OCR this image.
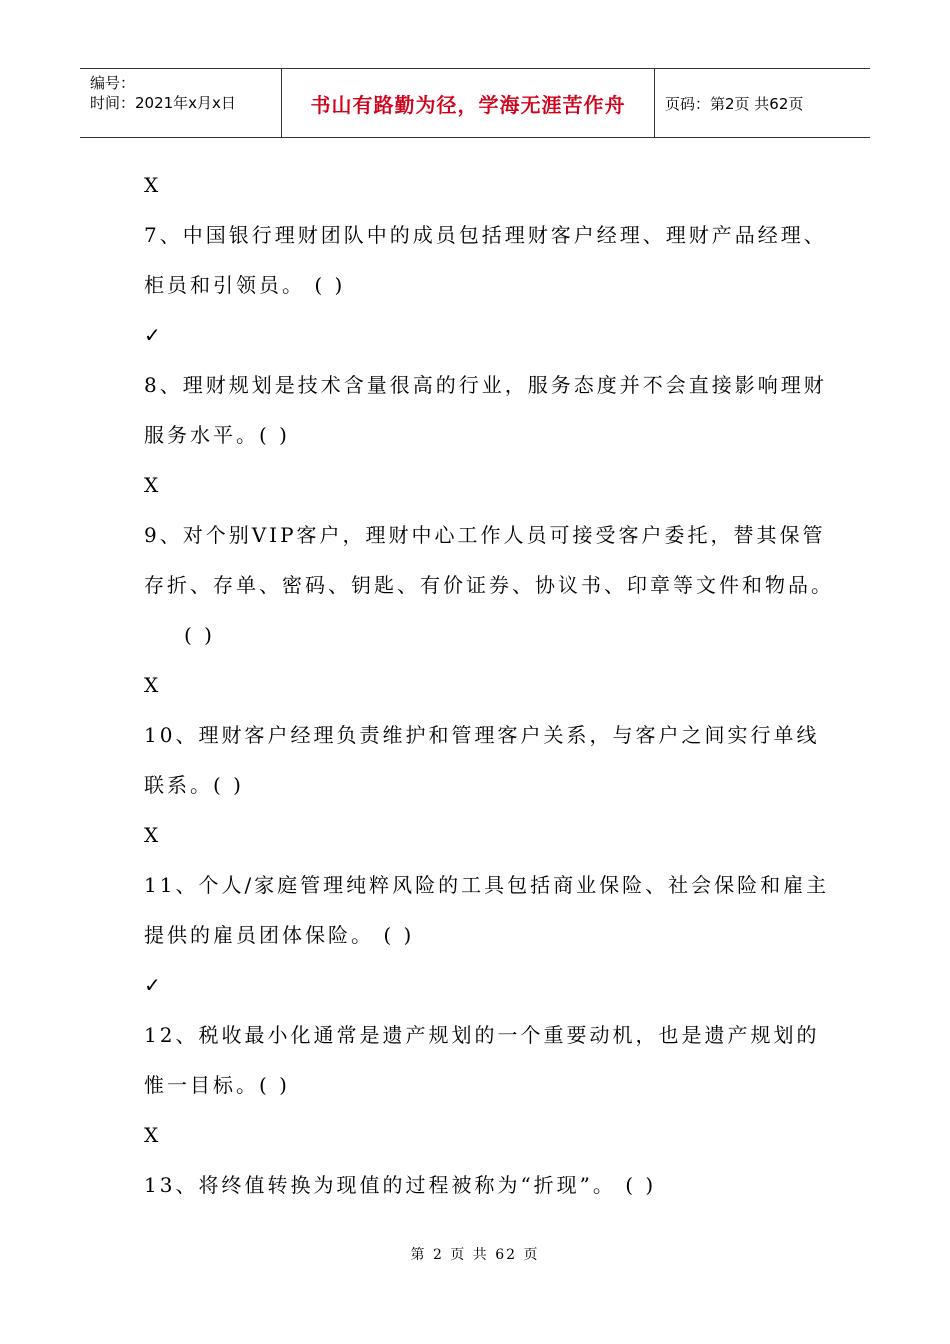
编号：
时间：2021年x月x日	书山有路勤为径，学海无涯苦作舟	页码：第2页 共62页
X
7、中国银行理财团队中的成员包括理财客户经理、理财产品经理、
柜员和引领员。 ( )
✓
8、理财规划是技术含量很高的行业，服务态度并不会直接影响理财
服务水平。( )
X
9、对个别VIP客户，理财中心工作人员可接受客户委托，替其保管
存折、存单、密码、钥匙、有价证券、协议书、印章等文件和物品。
( )
X
10、理财客户经理负责维护和管理客户关系，与客户之间实行单线
联系。( )
X
11、个人/家庭管理纯粹风险的工具包括商业保险、社会保险和雇主
提供的雇员团体保险。 ( )
✓
12、税收最小化通常是遗产规划的一个重要动机，也是遗产规划的
惟一目标。( )
X
13、将终值转换为现值的过程被称为“折现”。 ( )
第 2 页 共 62 页
